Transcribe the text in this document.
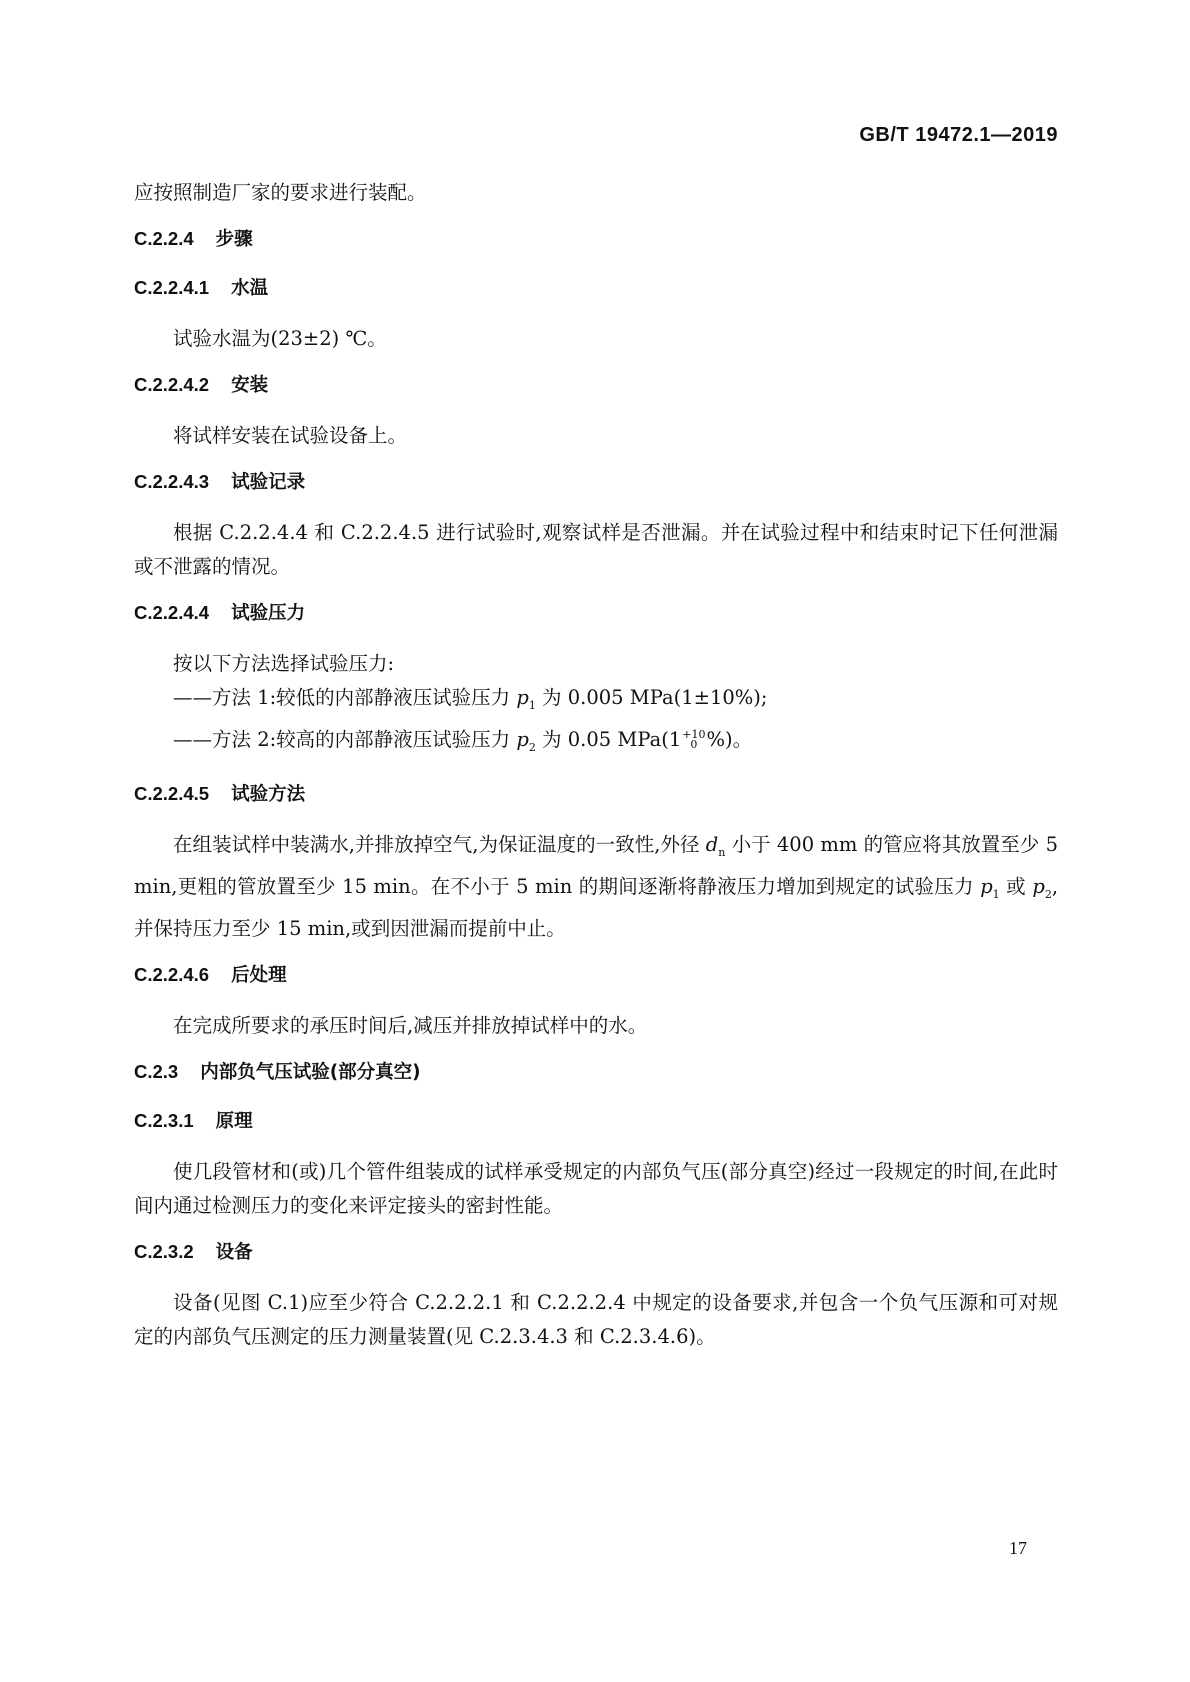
GB/T 19472.1—2019

应按照制造厂家的要求进行装配。

C.2.2.4 步骤
C.2.2.4.1 水温

试验水温为(23±2) ℃。

C.2.2.4.2 安装

将试样安装在试验设备上。

C.2.2.4.3 试验记录

根据 C.2.2.4.4 和 C.2.2.4.5 进行试验时,观察试样是否泄漏。并在试验过程中和结束时记下任何泄漏或不泄露的情况。

C.2.2.4.4 试验压力

按以下方法选择试验压力:

——方法 1:较低的内部静液压试验压力 $p_1$ 为 0.005 MPa(1±10%);

——方法 2:较高的内部静液压试验压力 $p_2$ 为 0.05 MPa(1 +10
0 %)。

C.2.2.4.5 试验方法

在组装试样中装满水,并排放掉空气,为保证温度的一致性,外径 $d_n$ 小于 400 mm 的管应将其放置至少 5 min,更粗的管放置至少 15 min。在不小于 5 min 的期间逐渐将静液压力增加到规定的试验压力 $p_1$ 或 $p_2$,并保持压力至少 15 min,或到因泄漏而提前中止。

C.2.2.4.6 后处理

在完成所要求的承压时间后,减压并排放掉试样中的水。

C.2.3 内部负气压试验(部分真空)
C.2.3.1 原理

使几段管材和(或)几个管件组装成的试样承受规定的内部负气压(部分真空)经过一段规定的时间,在此时间内通过检测压力的变化来评定接头的密封性能。

C.2.3.2 设备

设备(见图 C.1)应至少符合 C.2.2.2.1 和 C.2.2.2.4 中规定的设备要求,并包含一个负气压源和可对规定的内部负气压测定的压力测量装置(见 C.2.3.4.3 和 C.2.3.4.6)。

17
